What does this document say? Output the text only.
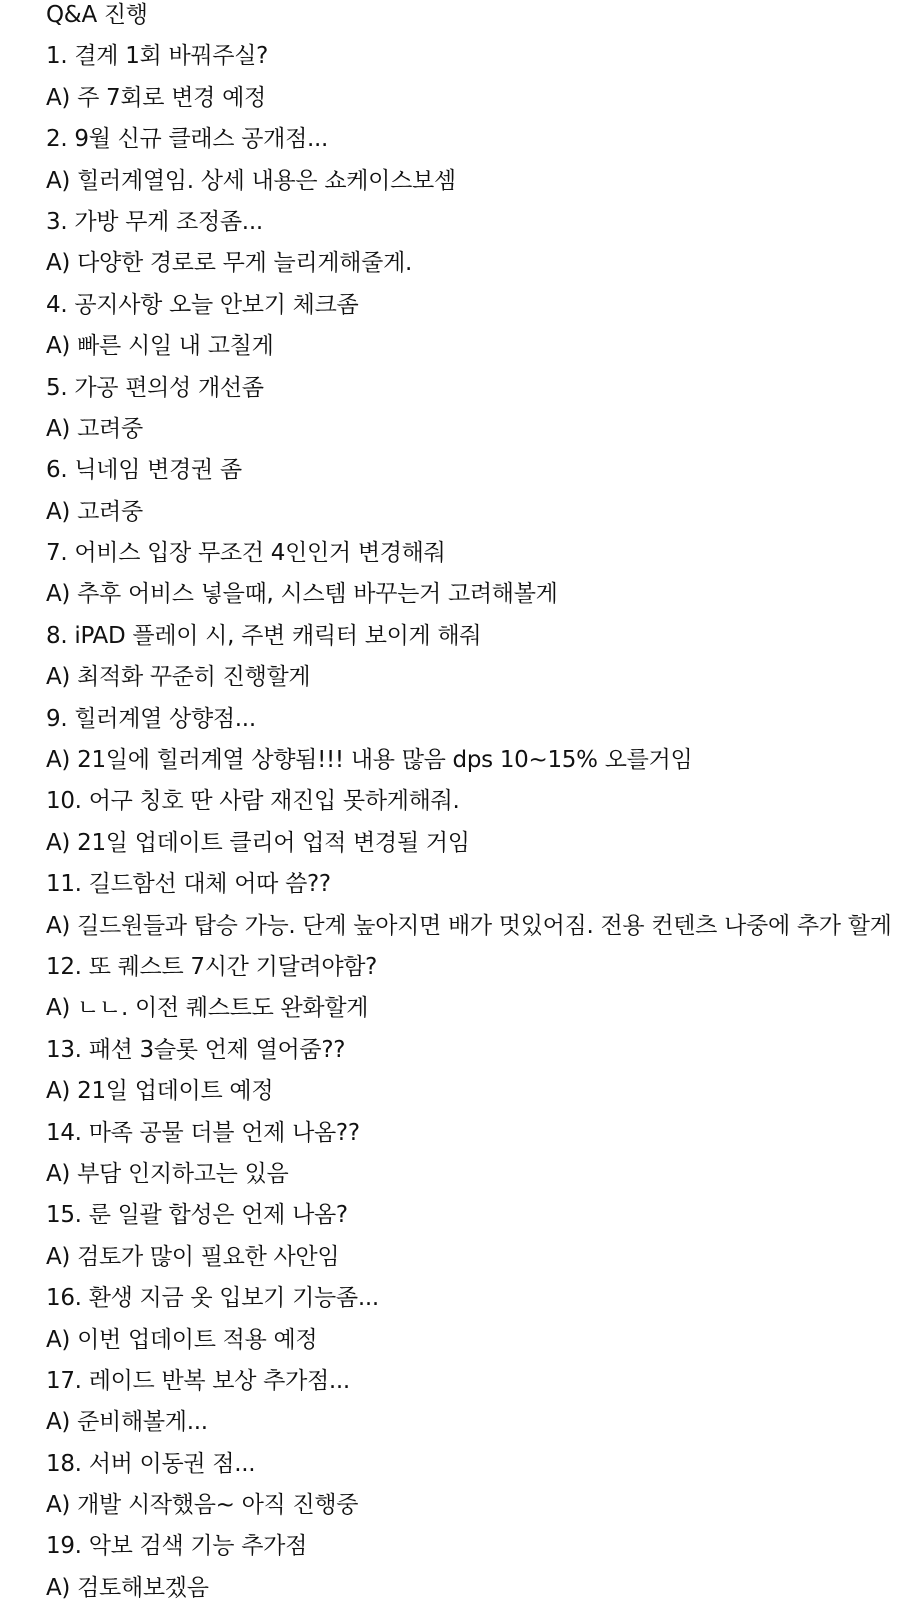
Q&A 진행
1. 결계 1회 바꿔주실?
A) 주 7회로 변경 예정
2. 9월 신규 클래스 공개점...
A) 힐러계열임. 상세 내용은 쇼케이스보셈
3. 가방 무게 조정좀...
A) 다양한 경로로 무게 늘리게해줄게.
4. 공지사항 오늘 안보기 체크좀
A) 빠른 시일 내 고칠게
5. 가공 편의성 개선좀
A) 고려중
6. 닉네임 변경권 좀
A) 고려중
7. 어비스 입장 무조건 4인인거 변경해줘
A) 추후 어비스 넣을때, 시스템 바꾸는거 고려해볼게
8. iPAD 플레이 시, 주변 캐릭터 보이게 해줘
A) 최적화 꾸준히 진행할게
9. 힐러계열 상향점...
A) 21일에 힐러계열 상향됨!!! 내용 많음 dps 10~15% 오를거임
10. 어구 칭호 딴 사람 재진입 못하게해줘.
A) 21일 업데이트 클리어 업적 변경될 거임
11. 길드함선 대체 어따 씀??
A) 길드원들과 탑승 가능. 단계 높아지면 배가 멋있어짐. 전용 컨텐츠 나중에 추가 할게
12. 또 퀘스트 7시간 기달려야함?
A) ㄴㄴ. 이전 퀘스트도 완화할게
13. 패션 3슬롯 언제 열어줌??
A) 21일 업데이트 예정
14. 마족 공물 더블 언제 나옴??
A) 부담 인지하고는 있음
15. 룬 일괄 합성은 언제 나옴?
A) 검토가 많이 필요한 사안임
16. 환생 지금 옷 입보기 기능좀...
A) 이번 업데이트 적용 예정
17. 레이드 반복 보상 추가점...
A) 준비해볼게...
18. 서버 이동권 점...
A) 개발 시작했음~ 아직 진행중
19. 악보 검색 기능 추가점
A) 검토해보겠음
